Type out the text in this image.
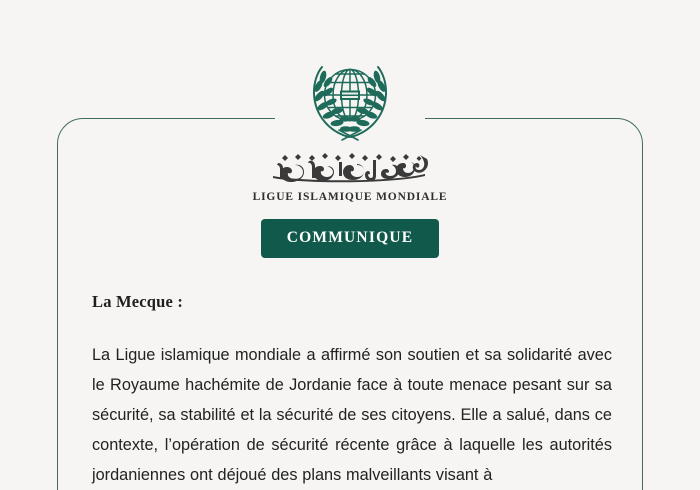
LIGUE ISLAMIQUE MONDIALE
COMMUNIQUE

La Mecque :

La Ligue islamique mondiale a affirmé son soutien et sa solidarité avec le Royaume hachémite de Jordanie face à toute menace pesant sur sa sécurité, sa stabilité et la sécurité de ses citoyens. Elle a salué, dans ce contexte, l’opération de sécurité récente grâce à laquelle les autorités jordaniennes ont déjoué des plans malveillants visant à
